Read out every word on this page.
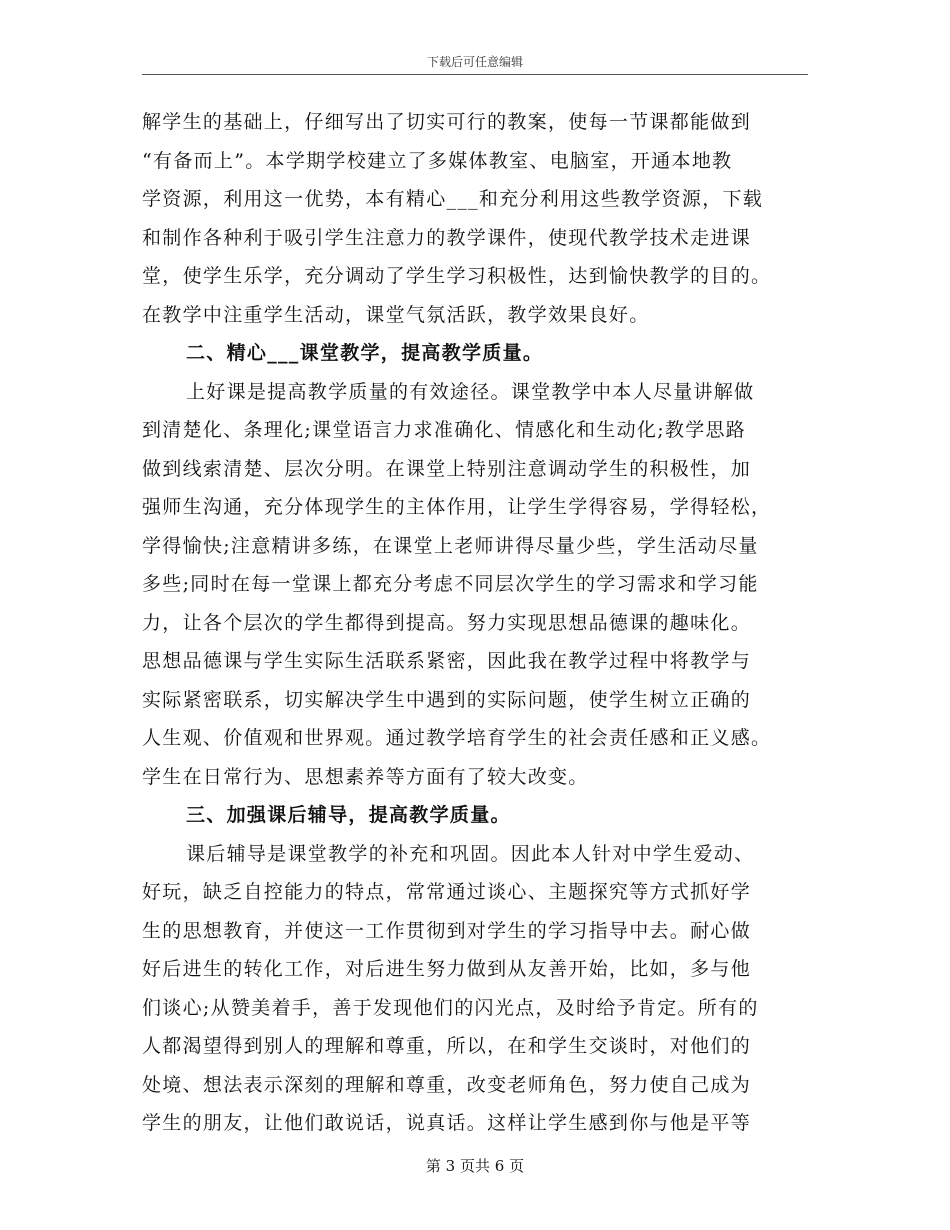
下载后可任意编辑
解学生的基础上，仔细写出了切实可行的教案，使每一节课都能做到
“有备而上”。本学期学校建立了多媒体教室、电脑室，开通本地教
学资源，利用这一优势，本有精心___和充分利用这些教学资源，下载
和制作各种利于吸引学生注意力的教学课件，使现代教学技术走进课
堂，使学生乐学，充分调动了学生学习积极性，达到愉快教学的目的。
在教学中注重学生活动，课堂气氛活跃，教学效果良好。
二、精心___课堂教学，提高教学质量。
上好课是提高教学质量的有效途径。课堂教学中本人尽量讲解做
到清楚化、条理化;课堂语言力求准确化、情感化和生动化;教学思路
做到线索清楚、层次分明。在课堂上特别注意调动学生的积极性，加
强师生沟通，充分体现学生的主体作用，让学生学得容易，学得轻松，
学得愉快;注意精讲多练，在课堂上老师讲得尽量少些，学生活动尽量
多些;同时在每一堂课上都充分考虑不同层次学生的学习需求和学习能
力，让各个层次的学生都得到提高。努力实现思想品德课的趣味化。
思想品德课与学生实际生活联系紧密，因此我在教学过程中将教学与
实际紧密联系，切实解决学生中遇到的实际问题，使学生树立正确的
人生观、价值观和世界观。通过教学培育学生的社会责任感和正义感。
学生在日常行为、思想素养等方面有了较大改变。
三、加强课后辅导，提高教学质量。
课后辅导是课堂教学的补充和巩固。因此本人针对中学生爱动、
好玩，缺乏自控能力的特点，常常通过谈心、主题探究等方式抓好学
生的思想教育，并使这一工作贯彻到对学生的学习指导中去。耐心做
好后进生的转化工作，对后进生努力做到从友善开始，比如，多与他
们谈心;从赞美着手，善于发现他们的闪光点，及时给予肯定。所有的
人都渴望得到别人的理解和尊重，所以，在和学生交谈时，对他们的
处境、想法表示深刻的理解和尊重，改变老师角色，努力使自己成为
学生的朋友，让他们敢说话，说真话。这样让学生感到你与他是平等
第 3 页共 6 页
